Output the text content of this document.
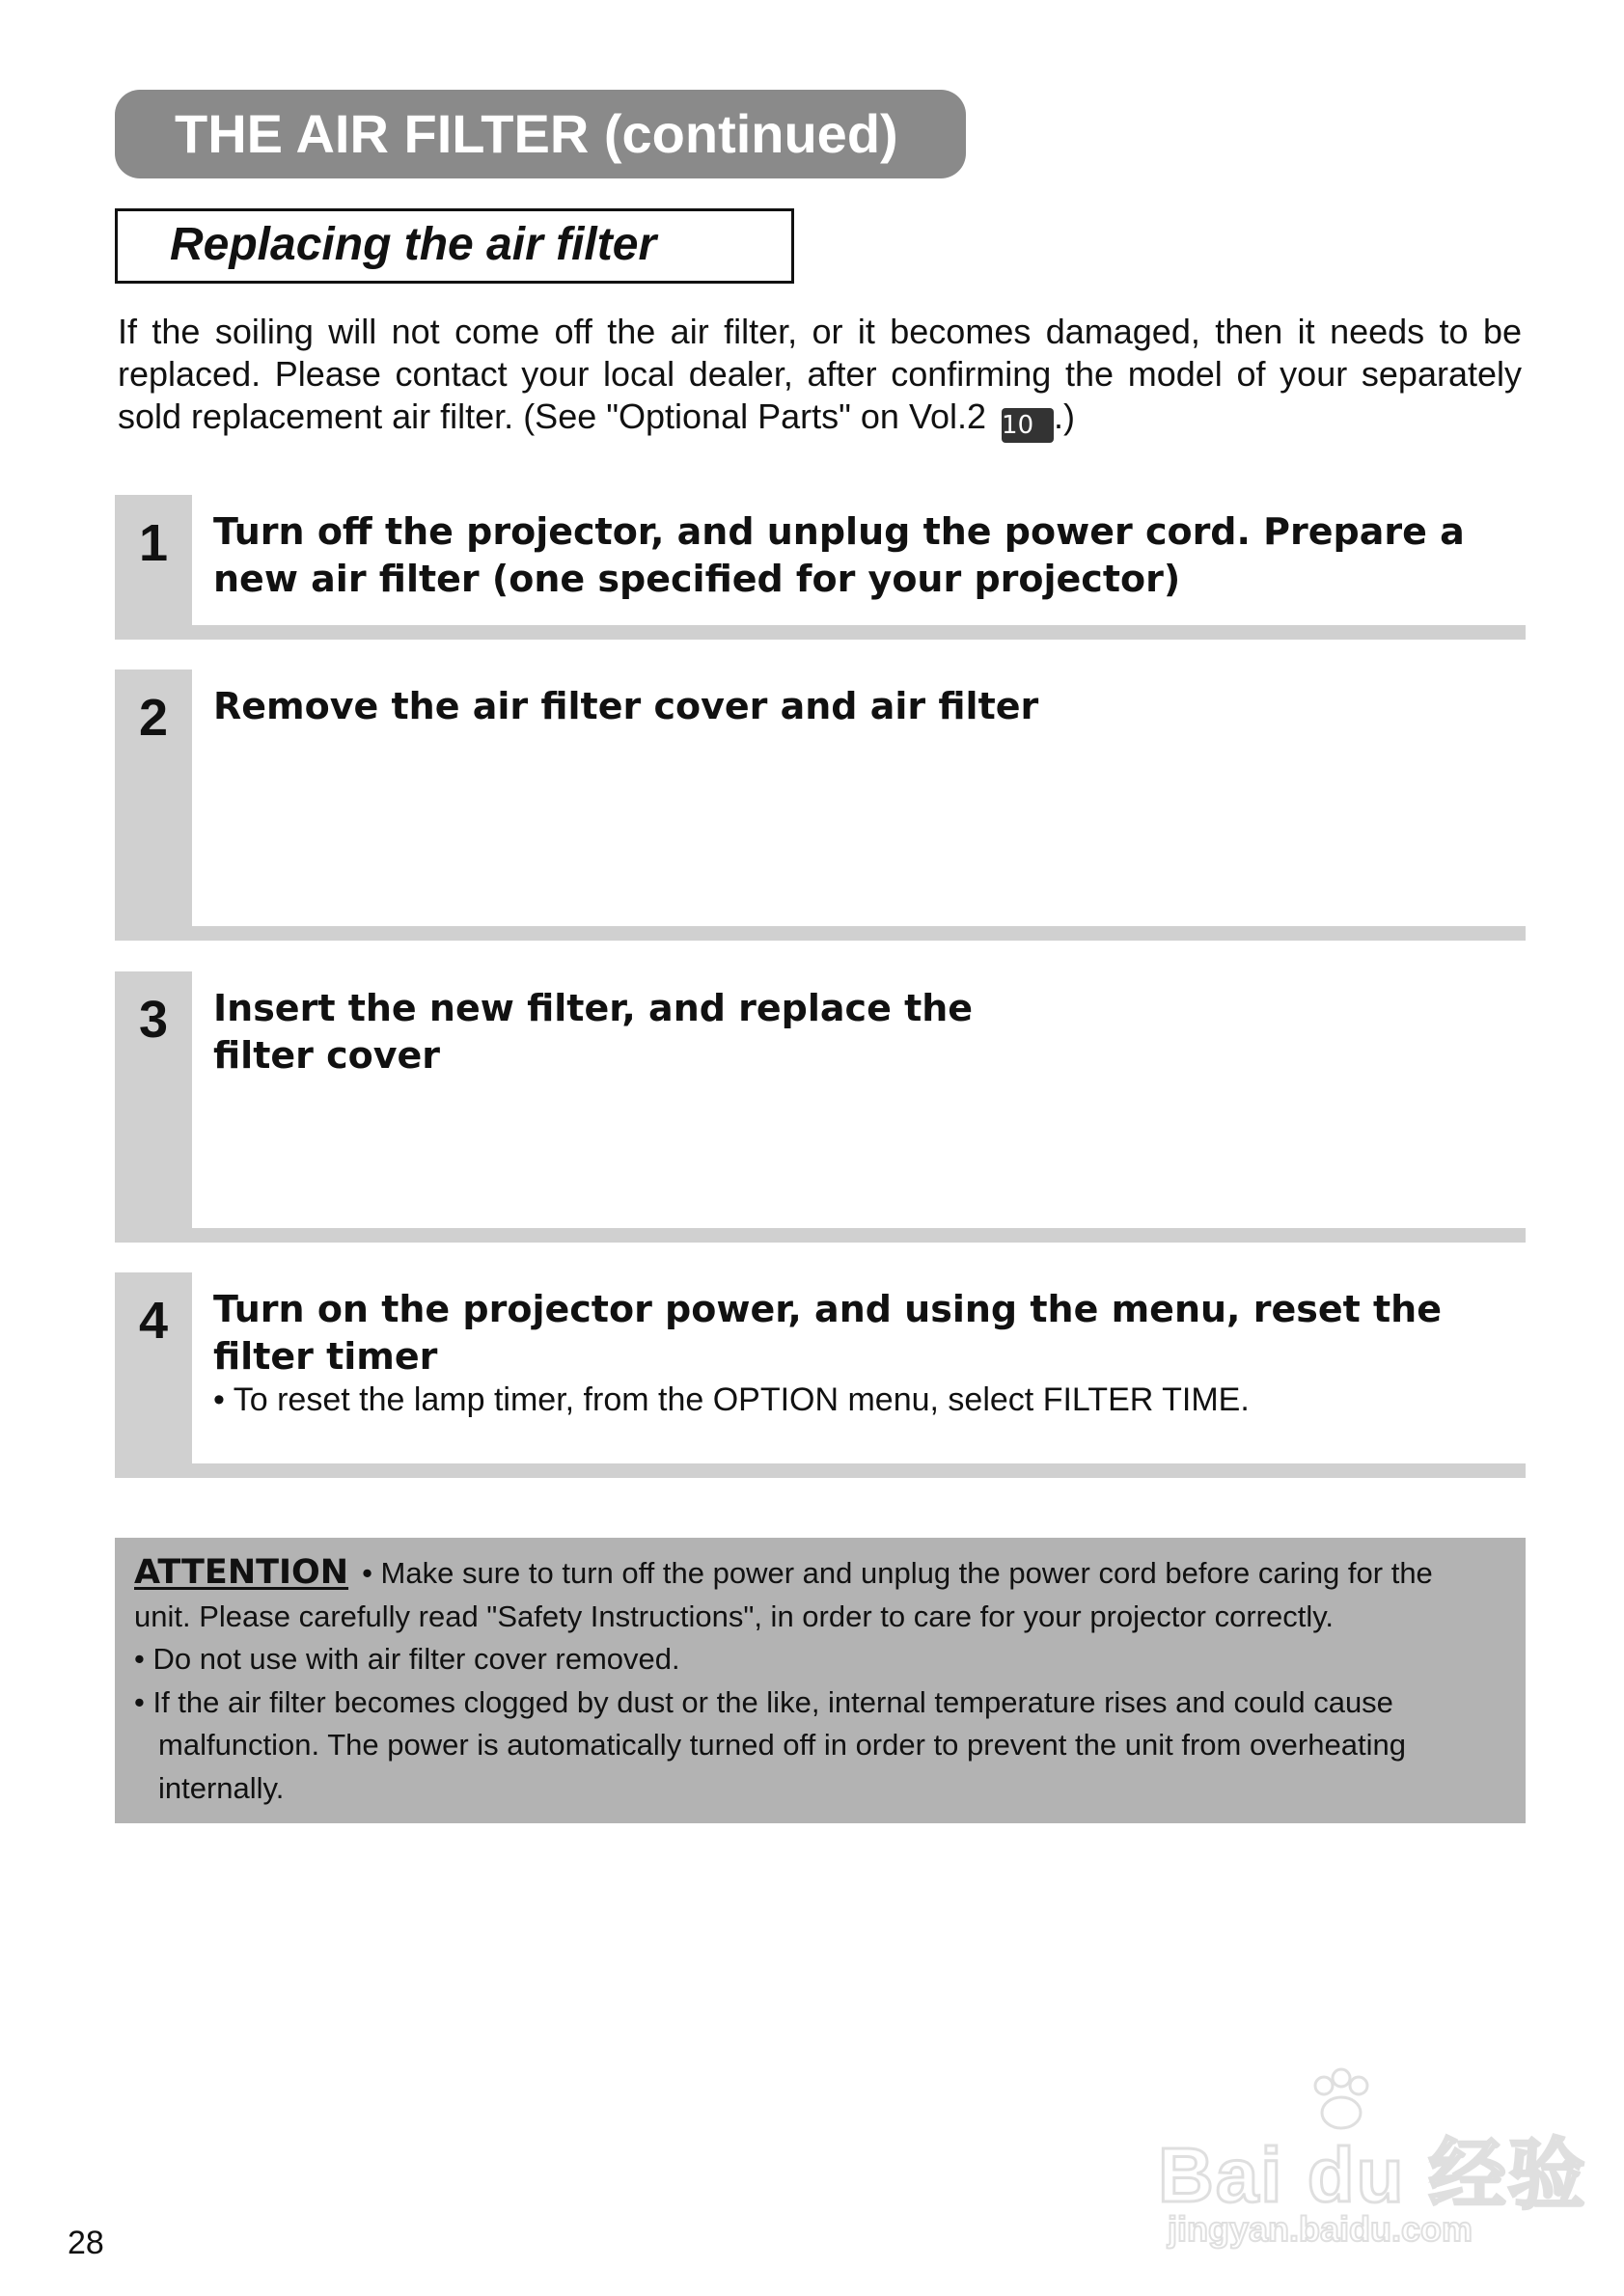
THE AIR FILTER (continued)
Replacing the air filter

If the soiling will not come off the air filter, or it becomes damaged, then it needs to be replaced. Please contact your local dealer, after confirming the model of your separately sold replacement air filter. (See "Optional Parts" on Vol.2 10 .)

1	Turn off the projector, and unplug the power cord. Prepare a new air filter (one specified for your projector)

2	Remove the air filter cover and air filter

3	Insert the new filter, and replace the
filter cover

4	Turn on the projector power, and using the menu, reset the filter timer

• To reset the lamp timer, from the OPTION menu, select FILTER TIME.

ATTENTION • Make sure to turn off the power and unplug the power cord before caring for the unit. Please carefully read "Safety Instructions", in order to care for your projector correctly.

• Do not use with air filter cover removed.

• If the air filter becomes clogged by dust or the like, internal temperature rises and could cause malfunction. The power is automatically turned off in order to prevent the unit from overheating internally.

28
Bai du 经验
jingyan.baidu.com
